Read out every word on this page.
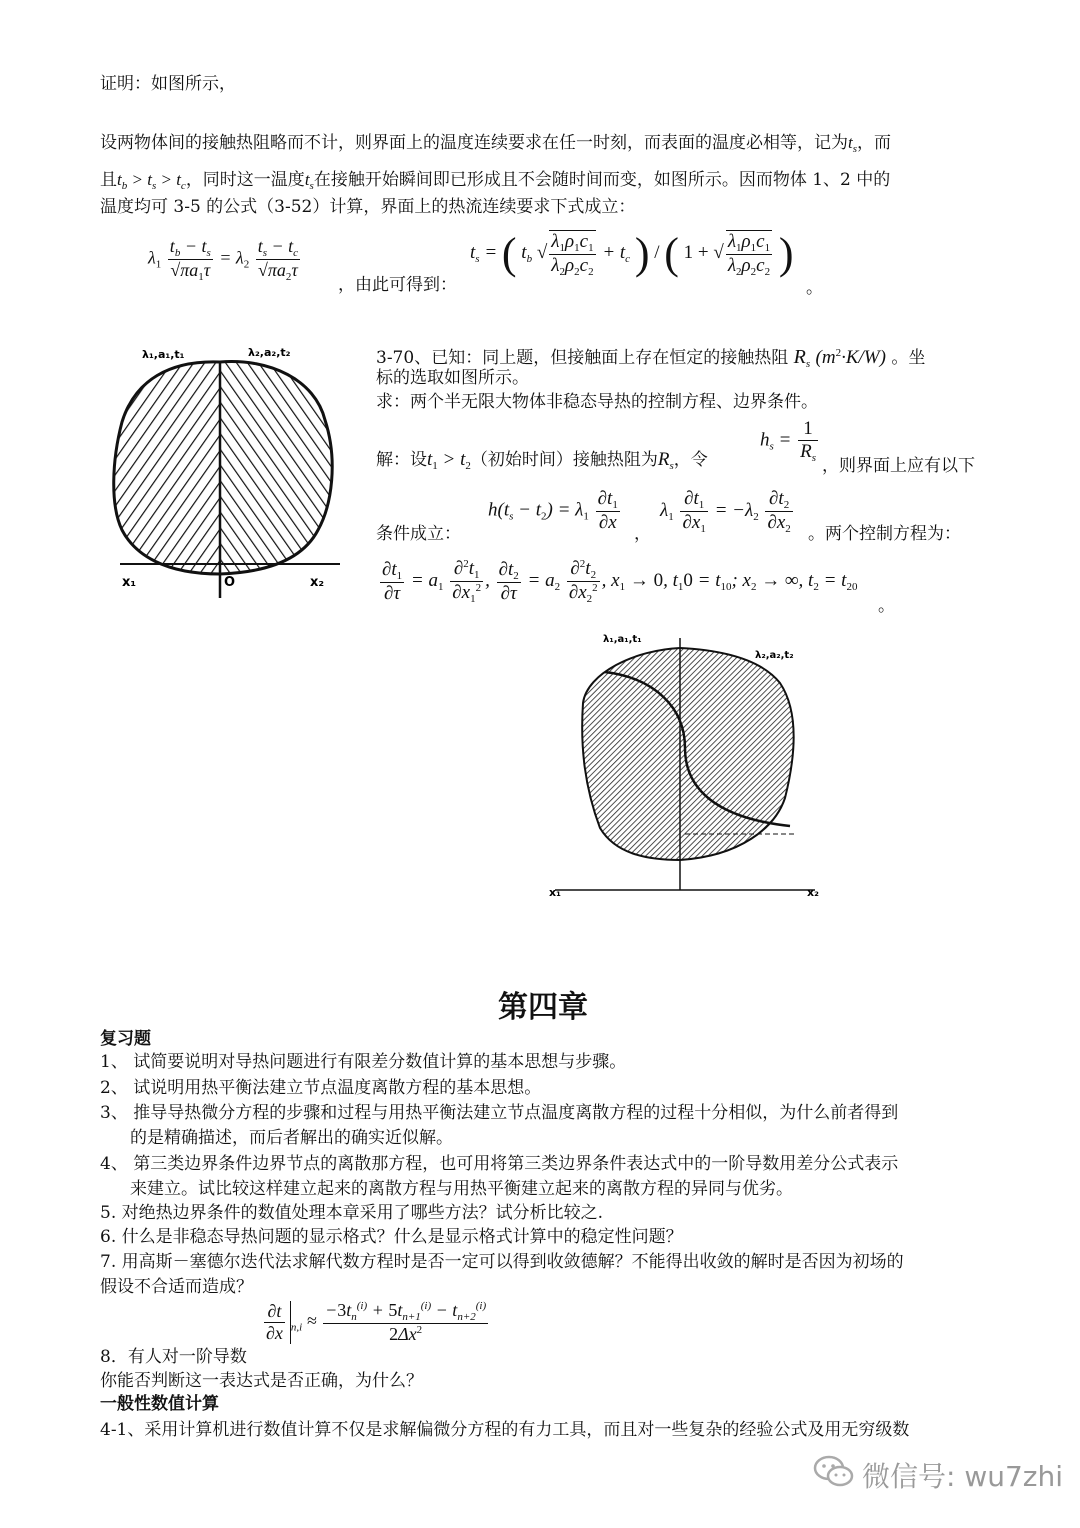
证明：如图所示，
设两物体间的接触热阻略而不计，则界面上的温度连续要求在任一时刻，而表面的温度必相等，记为$t_s$，而
且$t_b > t_s > t_c$，同时这一温度$t_s$在接触开始瞬间即已形成且不会随时间而变，如图所示。因而物体 1、2 中的
温度均可 3-5 的公式（3-52）计算，界面上的热流连续要求下式成立：
$\lambda_1 \frac{t_b - t_s}{√\pi a_1\tau} = \lambda_2 \frac{t_s - t_c}{√\pi a_2\tau}$
，由此可得到：
$t_s$ = ( $t_b$ √ $\frac{\lambda_1\rho_1c_1}{\lambda_2\rho_2c_2} + t_c$ ) / ( 1 + √ $\frac{\lambda_1\rho_1c_1}{\lambda_2\rho_2c_2}$ )
。
λ₁,a₁,t₁	λ₂,a₂,t₂
x₁	O	x₂
3-70、已知：同上题，但接触面上存在恒定的接触热阻 $R_s$ $(m^2\cdot K/W)$ 。坐
标的选取如图所示。
求：两个半无限大物体非稳态导热的控制方程、边界条件。
解：设$t_1 > t_2$（初始时间）接触热阻为$R_s$，令
$h_s = \frac{1}{R_s}$
，则界面上应有以下
条件成立：
$h(t_s - t_2) = \lambda_1 \frac{\partial t_1}{\partial x}$ ，
$\lambda_1 \frac{\partial t_1}{\partial x_1} = -\lambda_2 \frac{\partial t_2}{\partial x_2}$ 。两个控制方程为：
$\frac{\partial t_1}{\partial\tau} = a_1 \frac{\partial^2t_1}{\partial x_1^2}$ , $\frac{\partial t_2}{\partial\tau} = a_2 \frac{\partial^2t_2}{\partial x_2^2}$ , $x_1 \to 0$, $t_10 = t_{10}$; $x_2$ → ∞, $t_2 = t_{20}$
。
λ₁,a₁,t₁
λ₂,a₂,t₂
x₁	x₂
第四章
复习题
1、 试简要说明对导热问题进行有限差分数值计算的基本思想与步骤。
2、 试说明用热平衡法建立节点温度离散方程的基本思想。
3、 推导导热微分方程的步骤和过程与用热平衡法建立节点温度离散方程的过程十分相似，为什么前者得到
的是精确描述，而后者解出的确实近似解。
4、 第三类边界条件边界节点的离散那方程，也可用将第三类边界条件表达式中的一阶导数用差分公式表示
来建立。试比较这样建立起来的离散方程与用热平衡建立起来的离散方程的异同与优劣。
5. 对绝热边界条件的数值处理本章采用了哪些方法？试分析比较之.
6. 什么是非稳态导热问题的显示格式？什么是显示格式计算中的稳定性问题？
7. 用高斯－塞德尔迭代法求解代数方程时是否一定可以得到收敛德解？不能得出收敛的解时是否因为初场的
假设不合适而造成？
$\frac{\partial t}{\partial x} _{n,i} \approx \frac{-3t_n^{(i)} + 5t_{n+1}^{(i)} - t_{n+2}^{(i)}}{2\Delta x^2}$
8．有人对一阶导数
你能否判断这一表达式是否正确，为什么？
一般性数值计算
4-1、采用计算机进行数值计算不仅是求解偏微分方程的有力工具，而且对一些复杂的经验公式及用无穷级数
微信号: wu7zhi
